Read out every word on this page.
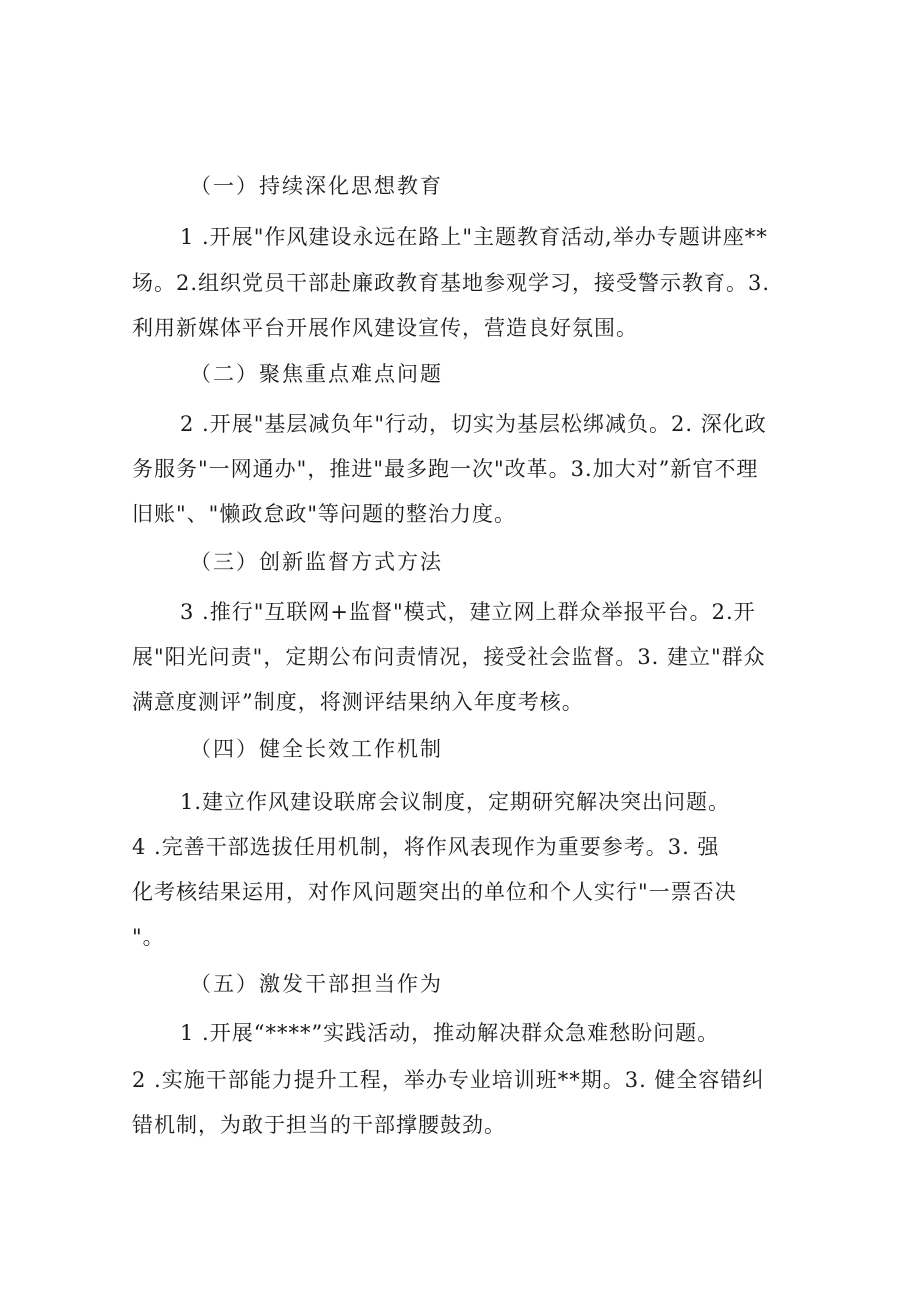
（一）持续深化思想教育
1 .开展"作风建设永远在路上"主题教育活动,举办专题讲座**
场。2.组织党员干部赴廉政教育基地参观学习，接受警示教育。3.
利用新媒体平台开展作风建设宣传，营造良好氛围。
（二）聚焦重点难点问题
2 .开展"基层减负年"行动，切实为基层松绑减负。2. 深化政
务服务"一网通办"，推进"最多跑一次"改革。3.加大对”新官不理
旧账"、"懒政怠政"等问题的整治力度。
（三）创新监督方式方法
3 .推行"互联网+监督"模式，建立网上群众举报平台。2.开
展"阳光问责"，定期公布问责情况，接受社会监督。3. 建立"群众
满意度测评”制度，将测评结果纳入年度考核。
（四）健全长效工作机制
1.建立作风建设联席会议制度，定期研究解决突出问题。
4 .完善干部选拔任用机制，将作风表现作为重要参考。3. 强
化考核结果运用，对作风问题突出的单位和个人实行"一票否决
"。
（五）激发干部担当作为
1 .开展“****”实践活动，推动解决群众急难愁盼问题。
2 .实施干部能力提升工程，举办专业培训班**期。3. 健全容错纠
错机制，为敢于担当的干部撑腰鼓劲。
